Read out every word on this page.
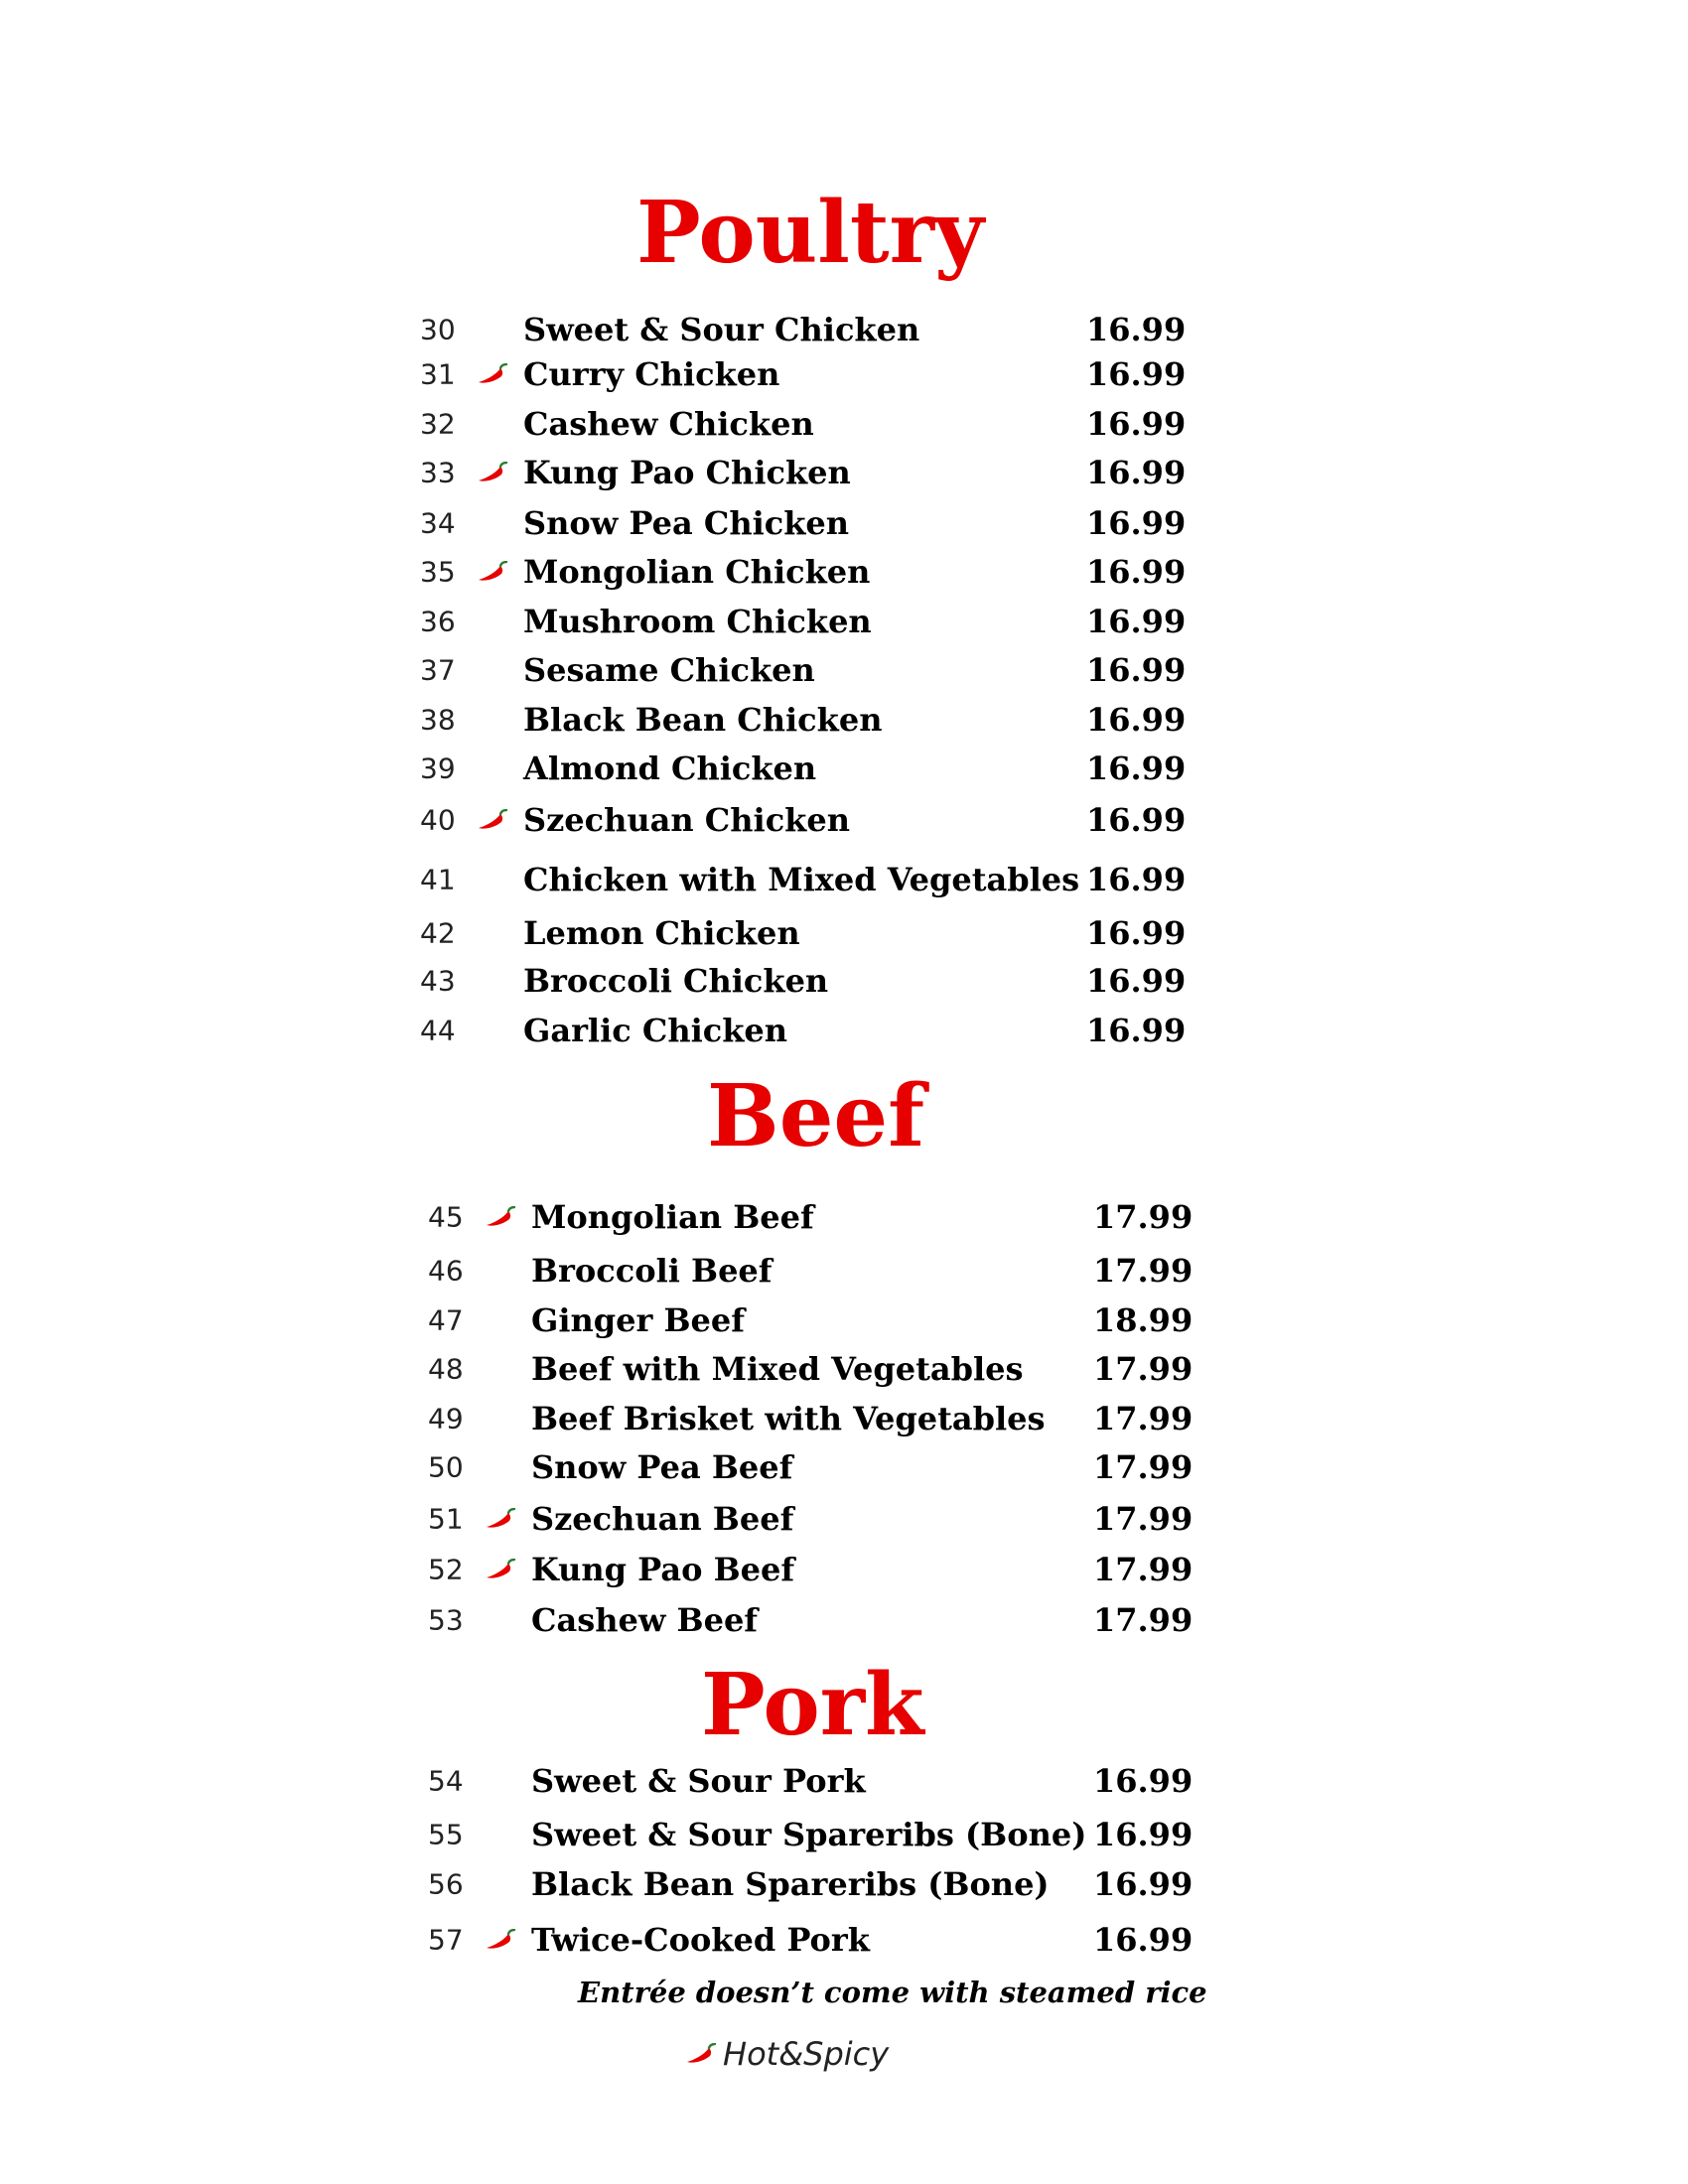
Poultry
Beef
Pork
30 Sweet & Sour Chicken	16.99
31 Curry Chicken	16.99
32 Cashew Chicken	16.99
33 Kung Pao Chicken	16.99
34 Snow Pea Chicken	16.99
35 Mongolian Chicken	16.99
36 Mushroom Chicken	16.99
37 Sesame Chicken	16.99
38 Black Bean Chicken	16.99
39 Almond Chicken	16.99
40 Szechuan Chicken	16.99
41 Chicken with Mixed Vegetables 16.99
42 Lemon Chicken	16.99
43 Broccoli Chicken	16.99
44 Garlic Chicken	16.99
45 Mongolian Beef	17.99
46 Broccoli Beef	17.99
47 Ginger Beef	18.99
48 Beef with Mixed Vegetables 17.99
49 Beef Brisket with Vegetables 17.99
50 Snow Pea Beef	17.99
51 Szechuan Beef	17.99
52 Kung Pao Beef	17.99
53 Cashew Beef	17.99
54 Sweet & Sour Pork	16.99
55 Sweet & Sour Spareribs (Bone) 16.99
56 Black Bean Spareribs (Bone) 16.99
57 Twice-Cooked Pork	16.99

Entrée doesn’t come with steamed rice

Hot&Spicy
